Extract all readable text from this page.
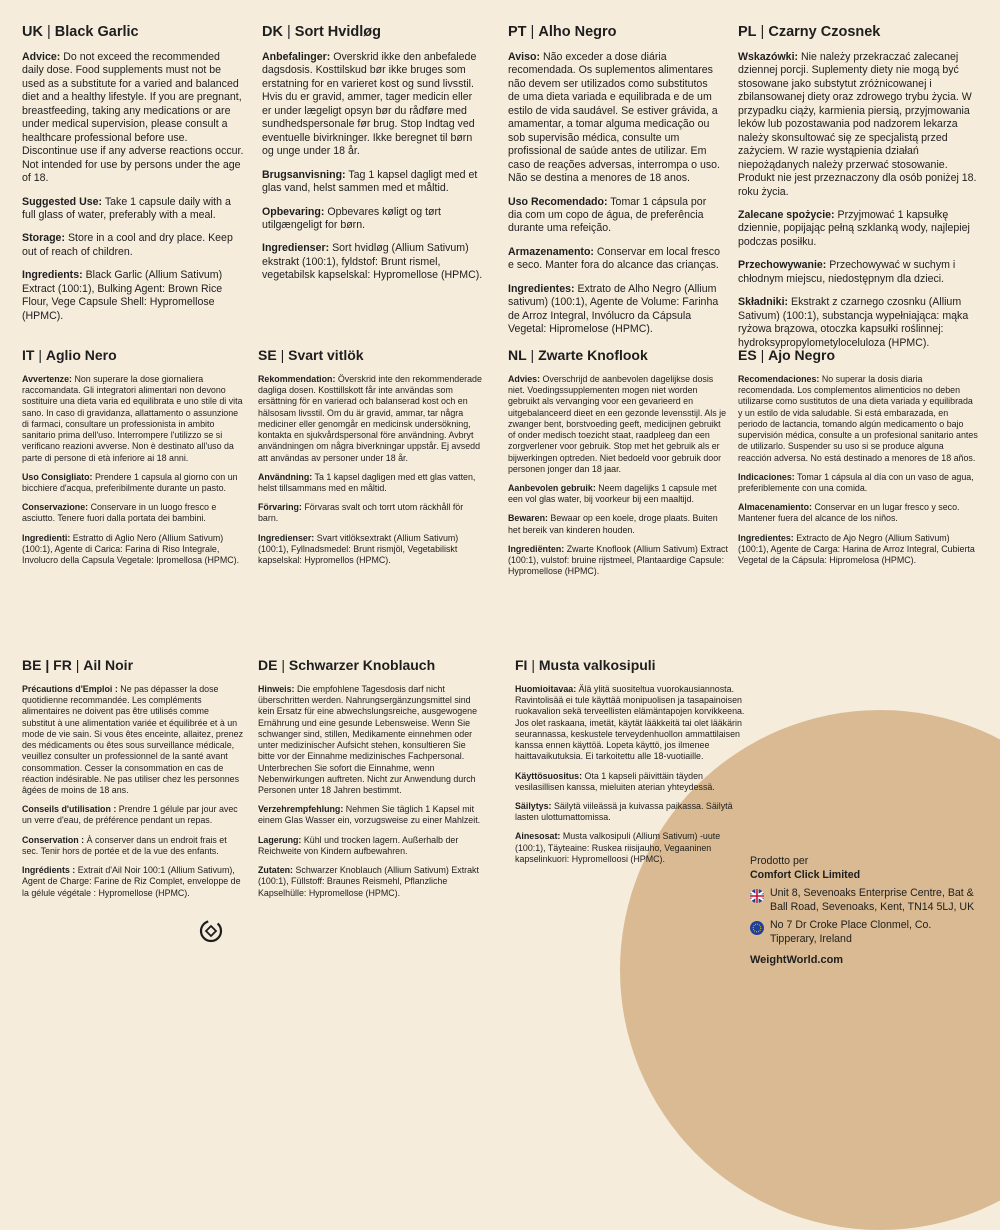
UK | Black Garlic

Advice: Do not exceed the recommended daily dose. Food supplements must not be used as a substitute for a varied and balanced diet and a healthy lifestyle. If you are pregnant, breastfeeding, taking any medications or are under medical supervision, please consult a healthcare professional before use. Discontinue use if any adverse reactions occur. Not intended for use by persons under the age of 18.

Suggested Use: Take 1 capsule daily with a full glass of water, preferably with a meal.

Storage: Store in a cool and dry place. Keep out of reach of children.

Ingredients: Black Garlic (Allium Sativum) Extract (100:1), Bulking Agent: Brown Rice Flour, Vege Capsule Shell: Hypromellose (HPMC).

DK | Sort Hvidløg

Anbefalinger: Overskrid ikke den anbefalede dagsdosis. Kosttilskud bør ikke bruges som erstatning for en varieret kost og sund livsstil. Hvis du er gravid, ammer, tager medicin eller er under lægeligt opsyn bør du rådføre med sundhedspersonale før brug. Stop Indtag ved eventuelle bivirkninger. Ikke beregnet til børn og unge under 18 år.

Brugsanvisning: Tag 1 kapsel dagligt med et glas vand, helst sammen med et måltid.

Opbevaring: Opbevares køligt og tørt utilgængeligt for børn.

Ingredienser: Sort hvidløg (Allium Sativum) ekstrakt (100:1), fyldstof: Brunt rismel, vegetabilsk kapselskal: Hypromellose (HPMC).

PT | Alho Negro

Aviso: Não exceder a dose diária recomendada. Os suplementos alimentares não devem ser utilizados como substitutos de uma dieta variada e equilibrada e de um estilo de vida saudável. Se estiver grávida, a amamentar, a tomar alguma medicação ou sob supervisão médica, consulte um profissional de saúde antes de utilizar. Em caso de reações adversas, interrompa o uso. Não se destina a menores de 18 anos.

Uso Recomendado: Tomar 1 cápsula por dia com um copo de água, de preferência durante uma refeição.

Armazenamento: Conservar em local fresco e seco. Manter fora do alcance das crianças.

Ingredientes: Extrato de Alho Negro (Allium sativum) (100:1), Agente de Volume: Farinha de Arroz Integral, Invólucro da Cápsula Vegetal: Hipromelose (HPMC).

PL | Czarny Czosnek

Wskazówki: Nie należy przekraczać zalecanej dziennej porcji. Suplementy diety nie mogą być stosowane jako substytut zróżnicowanej i zbilansowanej diety oraz zdrowego trybu życia. W przypadku ciąży, karmienia piersią, przyjmowania leków lub pozostawania pod nadzorem lekarza należy skonsultować się ze specjalistą przed zażyciem. W razie wystąpienia działań niepożądanych należy przerwać stosowanie. Produkt nie jest przeznaczony dla osób poniżej 18. roku życia.

Zalecane spożycie: Przyjmować 1 kapsułkę dziennie, popijając pełną szklanką wody, najlepiej podczas posiłku.

Przechowywanie: Przechowywać w suchym i chłodnym miejscu, niedostępnym dla dzieci.

Składniki: Ekstrakt z czarnego czosnku (Allium Sativum) (100:1), substancja wypełniająca: mąka ryżowa brązowa, otoczka kapsułki roślinnej: hydroksypropylometyloceluloza (HPMC).

IT | Aglio Nero

Avvertenze: Non superare la dose giornaliera raccomandata. Gli integratori alimentari non devono sostituire una dieta varia ed equilibrata e uno stile di vita sano. In caso di gravidanza, allattamento o assunzione di farmaci, consultare un professionista in ambito sanitario prima dell'uso. Interrompere l'utilizzo se si verificano reazioni avverse. Non è destinato all'uso da parte di persone di età inferiore ai 18 anni.

Uso Consigliato: Prendere 1 capsula al giorno con un bicchiere d'acqua, preferibilmente durante un pasto.

Conservazione: Conservare in un luogo fresco e asciutto. Tenere fuori dalla portata dei bambini.

Ingredienti: Estratto di Aglio Nero (Allium Sativum) (100:1), Agente di Carica: Farina di Riso Integrale, Involucro della Capsula Vegetale: Ipromellosa (HPMC).

SE | Svart vitlök

Rekommendation: Överskrid inte den rekommenderade dagliga dosen. Kosttillskott får inte användas som ersättning för en varierad och balanserad kost och en hälsosam livsstil. Om du är gravid, ammar, tar några mediciner eller genomgår en medicinsk undersökning, kontakta en sjukvårdspersonal före användning. Avbryt användningen om några biverkningar uppstår. Ej avsedd att användas av personer under 18 år.

Användning: Ta 1 kapsel dagligen med ett glas vatten, helst tillsammans med en måltid.

Förvaring: Förvaras svalt och torrt utom räckhåll för barn.

Ingredienser: Svart vitlöksextrakt (Allium Sativum) (100:1), Fyllnadsmedel: Brunt rismjöl, Vegetabiliskt kapselskal: Hypromellos (HPMC).

NL | Zwarte Knoflook

Advies: Overschrijd de aanbevolen dagelijkse dosis niet. Voedingssupplementen mogen niet worden gebruikt als vervanging voor een gevarieerd en uitgebalanceerd dieet en een gezonde levensstijl. Als je zwanger bent, borstvoeding geeft, medicijnen gebruikt of onder medisch toezicht staat, raadpleeg dan een zorgverlener voor gebruik. Stop met het gebruik als er bijwerkingen optreden. Niet bedoeld voor gebruik door personen jonger dan 18 jaar.

Aanbevolen gebruik: Neem dagelijks 1 capsule met een vol glas water, bij voorkeur bij een maaltijd.

Bewaren: Bewaar op een koele, droge plaats. Buiten het bereik van kinderen houden.

Ingrediënten: Zwarte Knoflook (Allium Sativum) Extract (100:1), vulstof: bruine rijstmeel, Plantaardige Capsule: Hypromellose (HPMC).

ES | Ajo Negro

Recomendaciones: No superar la dosis diaria recomendada. Los complementos alimenticios no deben utilizarse como sustitutos de una dieta variada y equilibrada y un estilo de vida saludable. Si está embarazada, en periodo de lactancia, tomando algún medicamento o bajo supervisión médica, consulte a un profesional sanitario antes de utilizarlo. Suspender su uso si se produce alguna reacción adversa. No está destinado a menores de 18 años.

Indicaciones: Tomar 1 cápsula al día con un vaso de agua, preferiblemente con una comida.

Almacenamiento: Conservar en un lugar fresco y seco. Mantener fuera del alcance de los niños.

Ingredientes: Extracto de Ajo Negro (Allium Sativum) (100:1), Agente de Carga: Harina de Arroz Integral, Cubierta Vegetal de la Cápsula: Hipromelosa (HPMC).

BE | FR | Ail Noir

Précautions d'Emploi : Ne pas dépasser la dose quotidienne recommandée. Les compléments alimentaires ne doivent pas être utilisés comme substitut à une alimentation variée et équilibrée et à un mode de vie sain. Si vous êtes enceinte, allaitez, prenez des médicaments ou êtes sous surveillance médicale, veuillez consulter un professionnel de la santé avant consommation. Cesser la consommation en cas de réaction indésirable. Ne pas utiliser chez les personnes âgées de moins de 18 ans.

Conseils d'utilisation : Prendre 1 gélule par jour avec un verre d'eau, de préférence pendant un repas.

Conservation : À conserver dans un endroit frais et sec. Tenir hors de portée et de la vue des enfants.

Ingrédients : Extrait d'Ail Noir 100:1 (Allium Sativum), Agent de Charge: Farine de Riz Complet, enveloppe de la gélule végétale : Hypromellose (HPMC).

DE | Schwarzer Knoblauch

Hinweis: Die empfohlene Tagesdosis darf nicht überschritten werden. Nahrungsergänzungsmittel sind kein Ersatz für eine abwechslungsreiche, ausgewogene Ernährung und eine gesunde Lebensweise. Wenn Sie schwanger sind, stillen, Medikamente einnehmen oder unter medizinischer Aufsicht stehen, konsultieren Sie bitte vor der Einnahme medizinisches Fachpersonal. Unterbrechen Sie sofort die Einnahme, wenn Nebenwirkungen auftreten. Nicht zur Anwendung durch Personen unter 18 Jahren bestimmt.

Verzehrempfehlung: Nehmen Sie täglich 1 Kapsel mit einem Glas Wasser ein, vorzugsweise zu einer Mahlzeit.

Lagerung: Kühl und trocken lagern. Außerhalb der Reichweite von Kindern aufbewahren.

Zutaten: Schwarzer Knoblauch (Allium Sativum) Extrakt (100:1), Füllstoff: Braunes Reismehl, Pflanzliche Kapselhülle: Hypromellose (HPMC).

FI | Musta valkosipuli

Huomioitavaa: Älä ylitä suositeltua vuorokausiannosta. Ravintolisää ei tule käyttää monipuolisen ja tasapainoisen ruokavalion sekä terveellisten elämäntapojen korvikkeena. Jos olet raskaana, imetät, käytät lääkkeitä tai olet lääkärin seurannassa, keskustele terveydenhuollon ammattilaisen kanssa ennen käyttöä. Lopeta käyttö, jos ilmenee haittavaikutuksia. Ei tarkoitettu alle 18-vuotiaille.

Käyttösuositus: Ota 1 kapseli päivittäin täyden vesilasillisen kanssa, mieluiten aterian yhteydessä.

Säilytys: Säilytä viileässä ja kuivassa paikassa. Säilytä lasten ulottumattomissa.

Ainesosat: Musta valkosipuli (Allium Sativum) -uute (100:1), Täyteaine: Ruskea riisijauho, Vegaaninen kapselinkuori: Hypromelloosi (HPMC).	Prodotto per
Comfort Click Limited
Unit 8, Sevenoaks Enterprise Centre, Bat & Ball Road, Sevenoaks, Kent, TN14 5LJ, UK
No 7 Dr Croke Place Clonmel, Co. Tipperary, Ireland
WeightWorld.com
